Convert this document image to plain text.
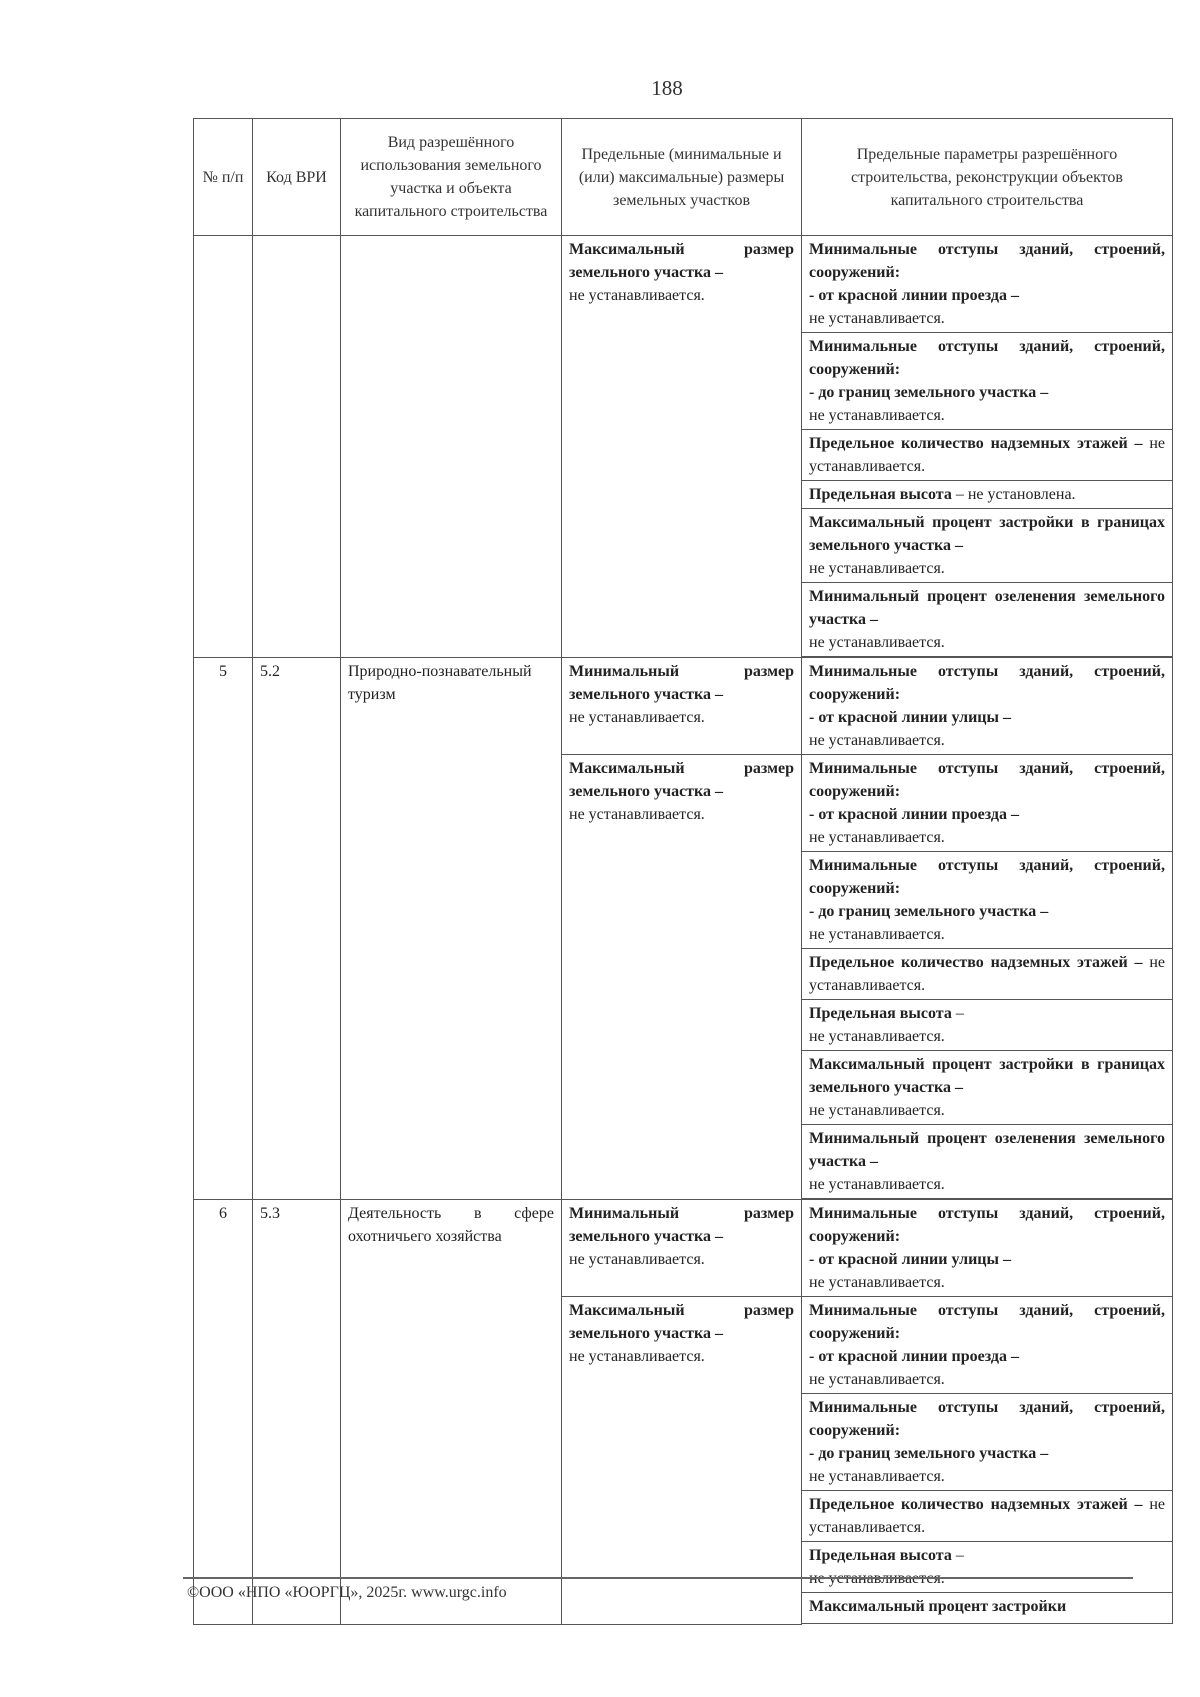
188
№ п/п	Код ВРИ	Вид разрешённого использования земельного участка и объекта капитального строительства	Предельные (минимальные и (или) максимальные) размеры земельных участков	Предельные параметры разрешённого строительства, реконструкции объектов капитального строительства
			Максимальный размер земельного участка –
не устанавливается.	Минимальные отступы зданий, строений, сооружений:
- от красной линии проезда –
не устанавливается.
				Минимальные отступы зданий, строений, сооружений:
- до границ земельного участка –
не устанавливается.
				Предельное количество надземных этажей – не устанавливается.
				Предельная высота – не установлена.
				Максимальный процент застройки в границах земельного участка –
не устанавливается.
				Минимальный процент озеленения земельного участка –
не устанавливается.

5	5.2	Природно-познавательный туризм	Минимальный размер земельного участка –
не устанавливается.	Минимальные отступы зданий, строений, сооружений:
- от красной линии улицы –
не устанавливается.
			Максимальный размер земельного участка –
не устанавливается.	Минимальные отступы зданий, строений, сооружений:
- от красной линии проезда –
не устанавливается.
				Минимальные отступы зданий, строений, сооружений:
- до границ земельного участка –
не устанавливается.
				Предельное количество надземных этажей – не устанавливается.
				Предельная высота –
не устанавливается.
				Максимальный процент застройки в границах земельного участка –
не устанавливается.
				Минимальный процент озеленения земельного участка –
не устанавливается.

6	5.3	Деятельность в сфере охотничьего хозяйства	Минимальный размер земельного участка –
не устанавливается.	Минимальные отступы зданий, строений, сооружений:
- от красной линии улицы –
не устанавливается.
			Максимальный размер земельного участка –
не устанавливается.	Минимальные отступы зданий, строений, сооружений:
- от красной линии проезда –
не устанавливается.
				Минимальные отступы зданий, строений, сооружений:
- до границ земельного участка –
не устанавливается.
				Предельное количество надземных этажей – не устанавливается.
				Предельная высота –

				Максимальный процент застройки

©ООО «НПО «ЮОРГЦ», 2025г. www.urgc.info
